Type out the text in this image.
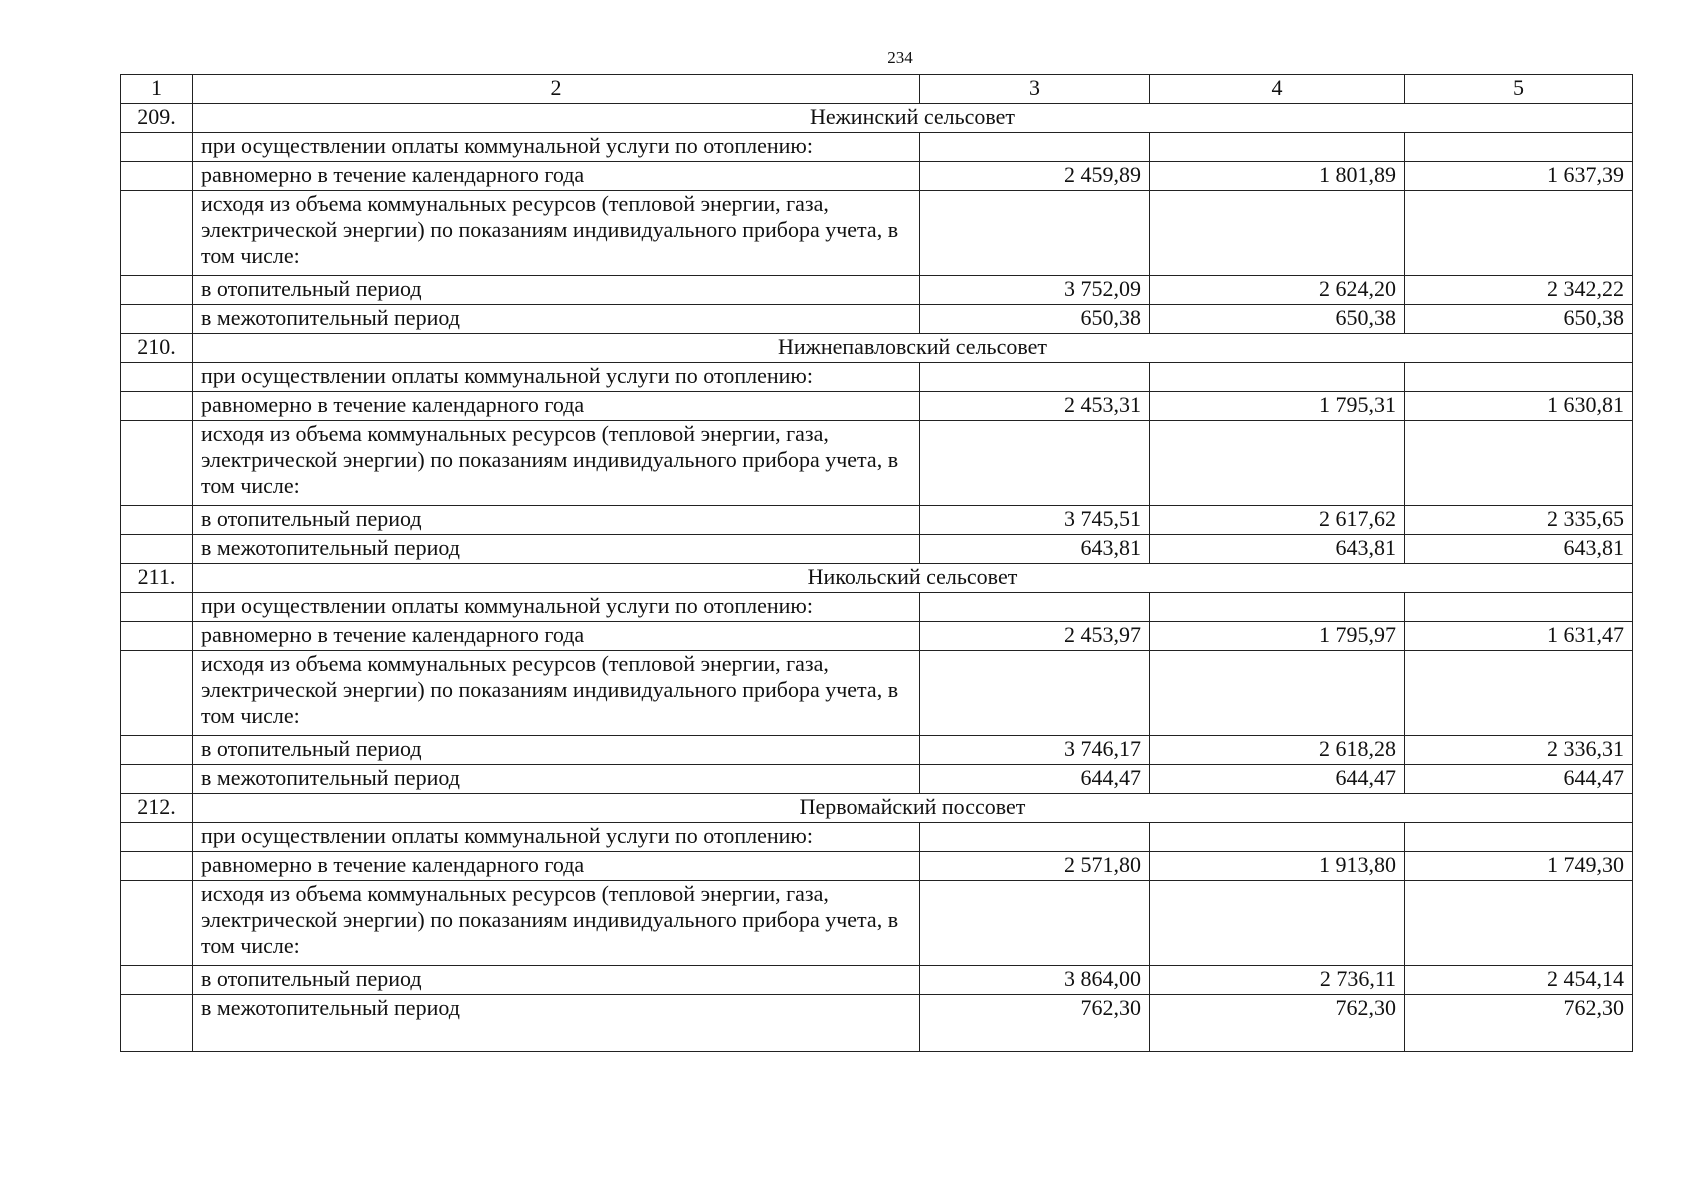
234
1	2	3	4	5
209.	Нежинский сельсовет			
	при осуществлении оплаты коммунальной услуги по отоплению:			
	равномерно в течение календарного года	2 459,89	1 801,89	1 637,39
	исходя из объема коммунальных ресурсов (тепловой энергии, газа, электрической энергии) по показаниям индивидуального прибора учета, в том числе:			
	в отопительный период	3 752,09	2 624,20	2 342,22
	в межотопительный период	650,38	650,38	650,38
210.	Нижнепавловский сельсовет			
	при осуществлении оплаты коммунальной услуги по отоплению:			
	равномерно в течение календарного года	2 453,31	1 795,31	1 630,81
	исходя из объема коммунальных ресурсов (тепловой энергии, газа, электрической энергии) по показаниям индивидуального прибора учета, в том числе:			
	в отопительный период	3 745,51	2 617,62	2 335,65
	в межотопительный период	643,81	643,81	643,81
211.	Никольский сельсовет			
	при осуществлении оплаты коммунальной услуги по отоплению:			
	равномерно в течение календарного года	2 453,97	1 795,97	1 631,47
	исходя из объема коммунальных ресурсов (тепловой энергии, газа, электрической энергии) по показаниям индивидуального прибора учета, в том числе:			
	в отопительный период	3 746,17	2 618,28	2 336,31
	в межотопительный период	644,47	644,47	644,47
212.	Первомайский поссовет			
	при осуществлении оплаты коммунальной услуги по отоплению:			
	равномерно в течение календарного года	2 571,80	1 913,80	1 749,30
	исходя из объема коммунальных ресурсов (тепловой энергии, газа, электрической энергии) по показаниям индивидуального прибора учета, в том числе:			
	в отопительный период	3 864,00	2 736,11	2 454,14
	в межотопительный период	762,30	762,30	762,30
